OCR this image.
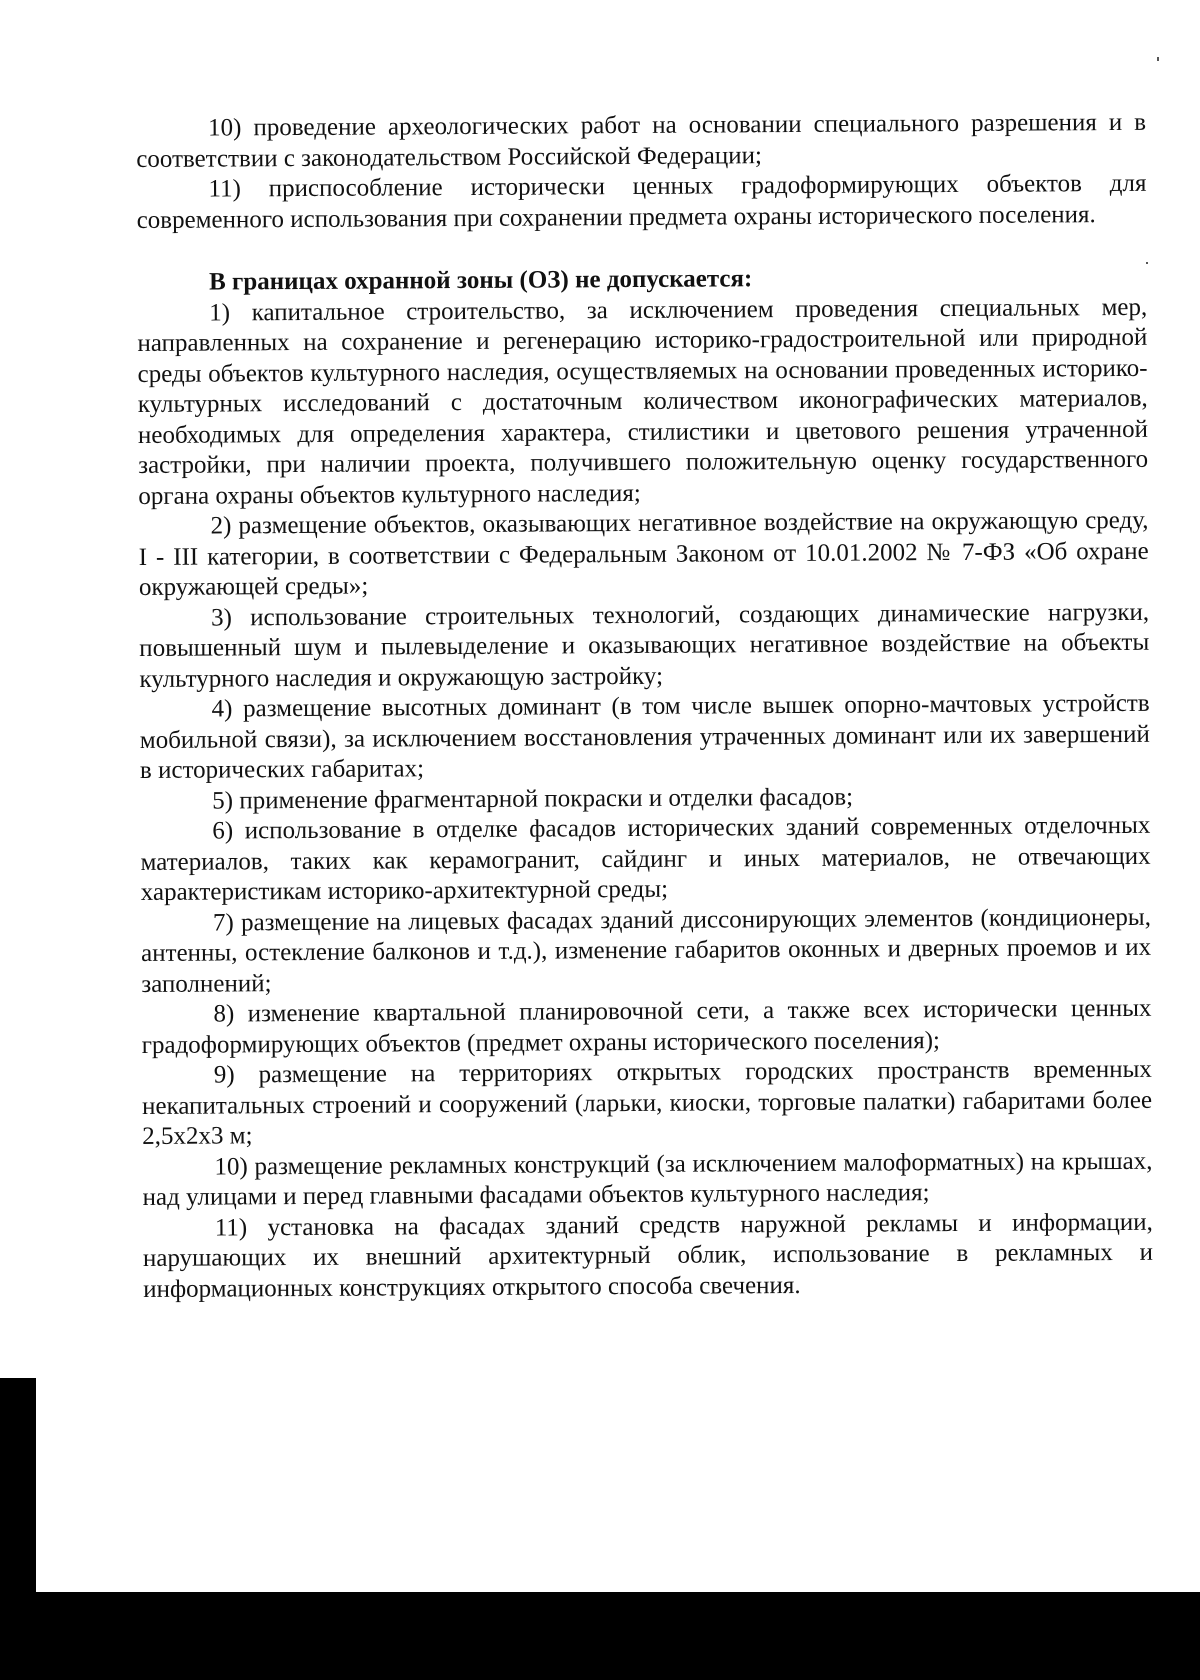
10) проведение археологических работ на основании специального разрешения и в соответствии с законодательством Российской Федерации;

11) приспособление исторически ценных градоформирующих объектов для современного использования при сохранении предмета охраны исторического поселения.

В границах охранной зоны (ОЗ) не допускается:

1) капитальное строительство, за исключением проведения специальных мер, направленных на сохранение и регенерацию историко-градостроительной или природной среды объектов культурного наследия, осуществляемых на основании проведенных историко-культурных исследований с достаточным количеством иконографических материалов, необходимых для определения характера, стилистики и цветового решения утраченной застройки, при наличии проекта, получившего положительную оценку государственного органа охраны объектов культурного наследия;

2) размещение объектов, оказывающих негативное воздействие на окружающую среду, I - III категории, в соответствии с Федеральным Законом от 10.01.2002 № 7-ФЗ «Об охране окружающей среды»;

3) использование строительных технологий, создающих динамические нагрузки, повышенный шум и пылевыделение и оказывающих негативное воздействие на объекты культурного наследия и окружающую застройку;

4) размещение высотных доминант (в том числе вышек опорно-мачтовых устройств мобильной связи), за исключением восстановления утраченных доминант или их завершений в исторических габаритах;

5) применение фрагментарной покраски и отделки фасадов;

6) использование в отделке фасадов исторических зданий современных отделочных материалов, таких как керамогранит, сайдинг и иных материалов, не отвечающих характеристикам историко-архитектурной среды;

7) размещение на лицевых фасадах зданий диссонирующих элементов (кондиционеры, антенны, остекление балконов и т.д.), изменение габаритов оконных и дверных проемов и их заполнений;

8) изменение квартальной планировочной сети, а также всех исторически ценных градоформирующих объектов (предмет охраны исторического поселения);

9) размещение на территориях открытых городских пространств временных некапитальных строений и сооружений (ларьки, киоски, торговые палатки) габаритами более 2,5х2х3 м;

10) размещение рекламных конструкций (за исключением малоформатных) на крышах, над улицами и перед главными фасадами объектов культурного наследия;

11) установка на фасадах зданий средств наружной рекламы и информации, нарушающих их внешний архитектурный облик, использование в рекламных и информационных конструкциях открытого способа свечения.
